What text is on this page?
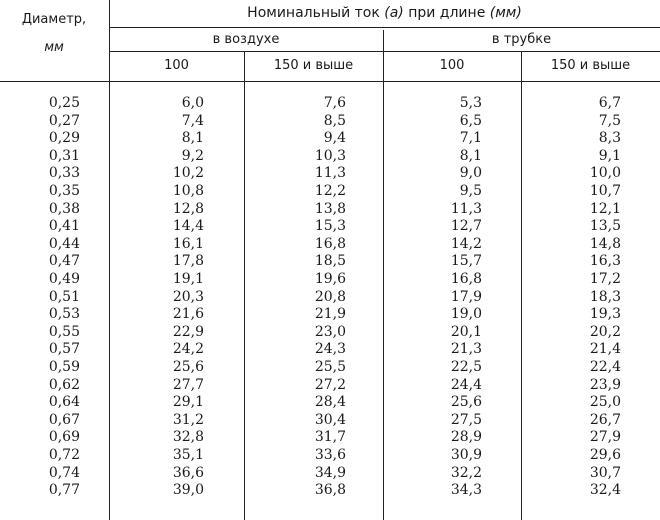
Диаметр,
мм
Номинальный ток (а) при длине (мм)
в воздухе	в трубке
100	150 и выше	100	150 и выше
0,25	6,0	7,6	5,3	6,7
0,27	7,4	8,5	6,5	7,5
0,29	8,1	9,4	7,1	8,3
0,31	9,2	10,3	8,1	9,1
0,33	10,2	11,3	9,0	10,0
0,35	10,8	12,2	9,5	10,7
0,38	12,8	13,8	11,3	12,1
0,41	14,4	15,3	12,7	13,5
0,44	16,1	16,8	14,2	14,8
0,47	17,8	18,5	15,7	16,3
0,49	19,1	19,6	16,8	17,2
0,51	20,3	20,8	17,9	18,3
0,53	21,6	21,9	19,0	19,3
0,55	22,9	23,0	20,1	20,2
0,57	24,2	24,3	21,3	21,4
0,59	25,6	25,5	22,5	22,4
0,62	27,7	27,2	24,4	23,9
0,64	29,1	28,4	25,6	25,0
0,67	31,2	30,4	27,5	26,7
0,69	32,8	31,7	28,9	27,9
0,72	35,1	33,6	30,9	29,6
0,74	36,6	34,9	32,2	30,7
0,77	39,0	36,8	34,3	32,4
